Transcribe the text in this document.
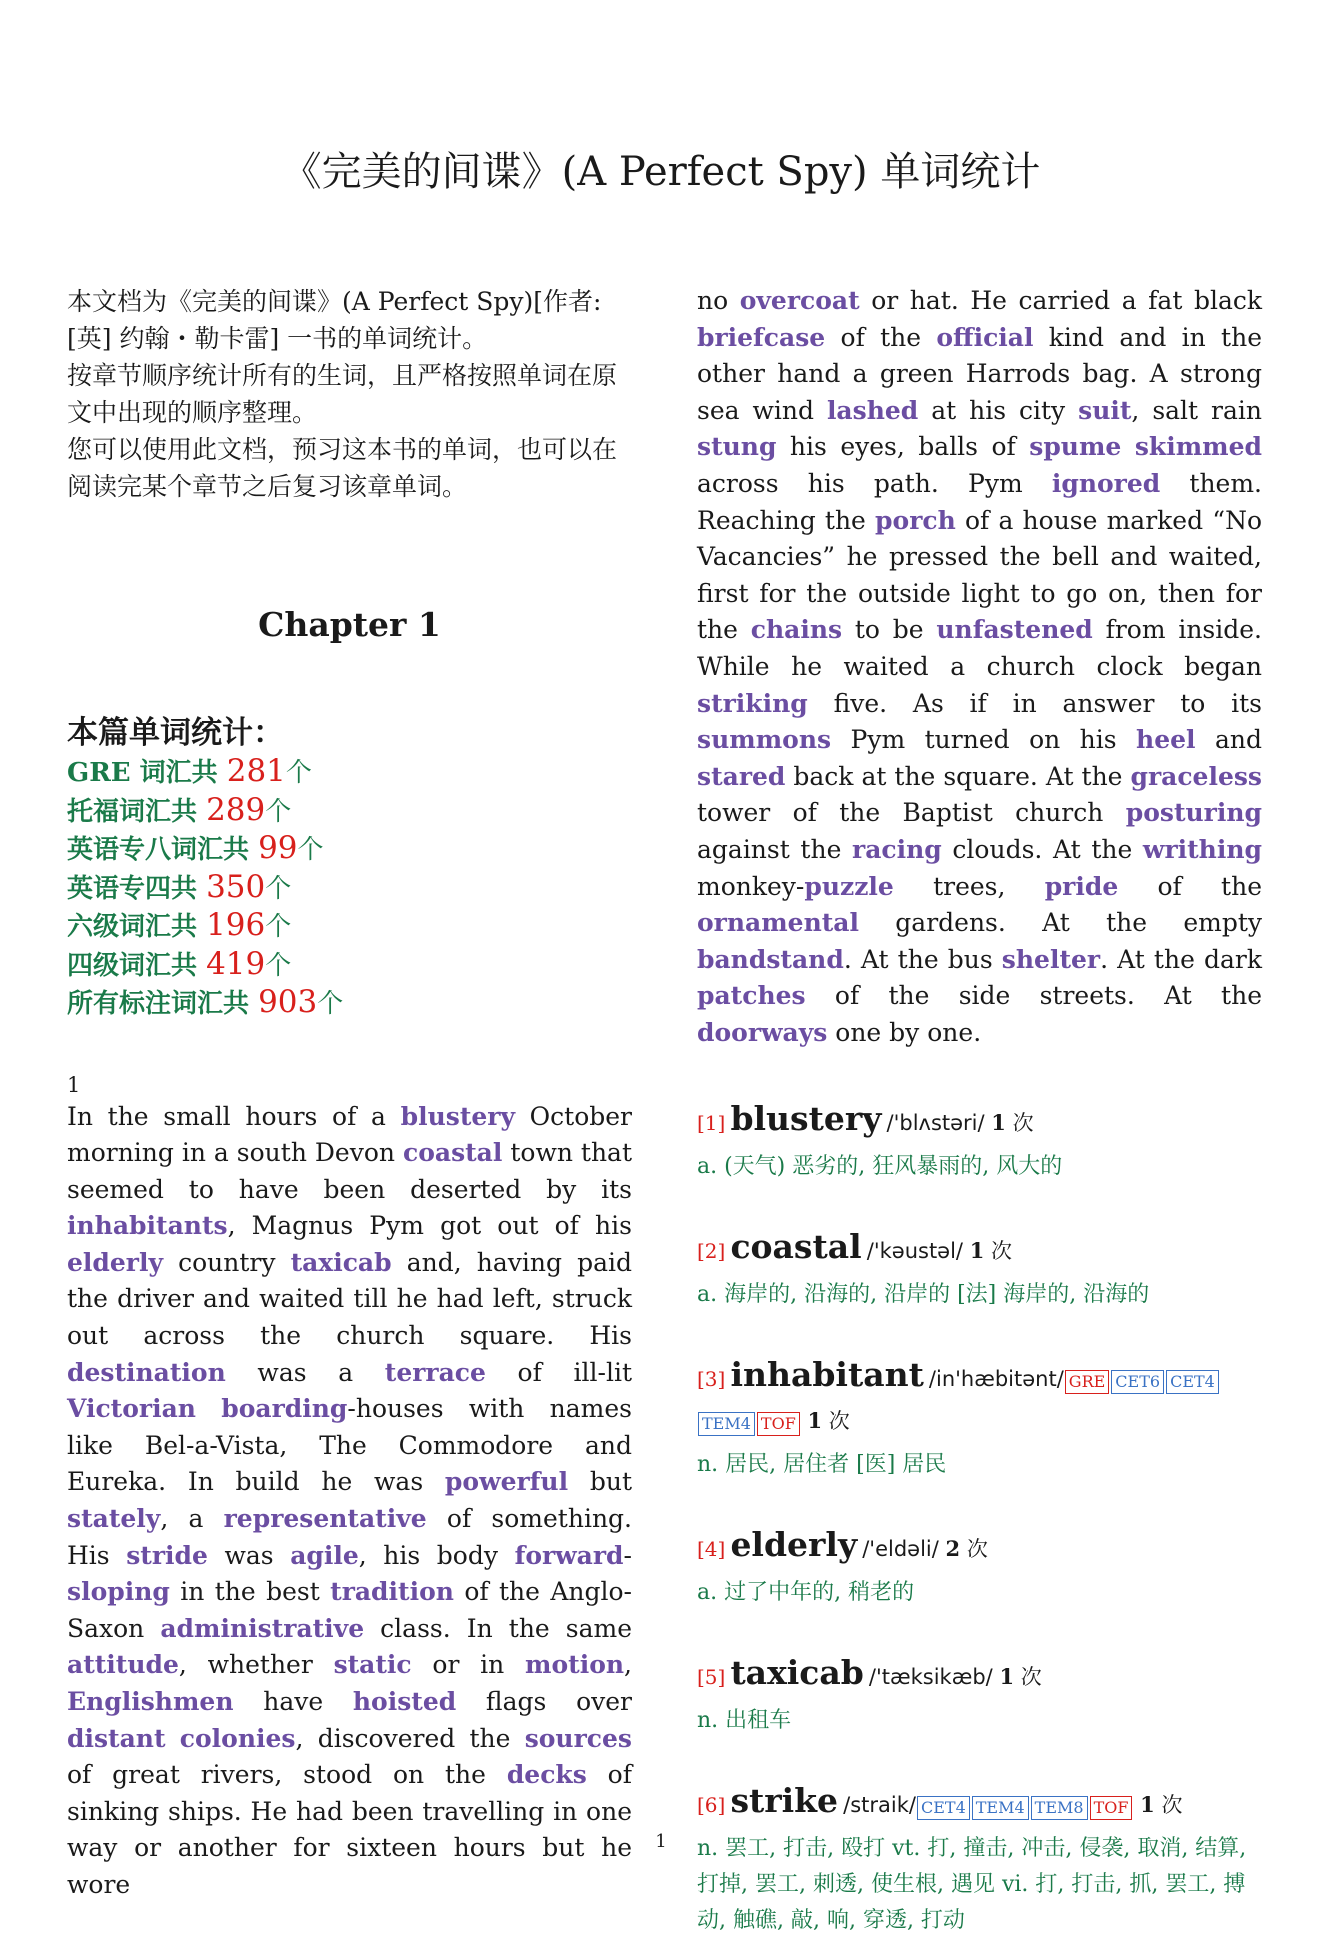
《完美的间谍》(A Perfect Spy) 单词统计

本文档为《完美的间谍》(A Perfect Spy)[作者: [英] 约翰・勒卡雷] 一书的单词统计。

按章节顺序统计所有的生词，且严格按照单词在原文中出现的顺序整理。

您可以使用此文档，预习这本书的单词，也可以在阅读完某个章节之后复习该章单词。

Chapter 1
本篇单词统计：
GRE 词汇共 281个
托福词汇共 289个
英语专八词汇共 99个
英语专四共 350个
六级词汇共 196个
四级词汇共 419个
所有标注词汇共 903个
1

In the small hours of a blustery October morning in a south Devon coastal town that seemed to have been deserted by its inhabitants, Magnus Pym got out of his elderly country taxicab and, having paid the driver and waited till he had left, struck out across the church square. His destination was a terrace of ill-lit Victorian boarding-houses with names like Bel-a-Vista, The Commodore and Eureka. In build he was powerful but stately, a representative of something. His stride was agile, his body forward-sloping in the best tradition of the Anglo-Saxon administrative class. In the same attitude, whether static or in motion, Englishmen have hoisted flags over distant colonies, discovered the sources of great rivers, stood on the decks of sinking ships. He had been travelling in one way or another for sixteen hours but he wore

no overcoat or hat. He carried a fat black briefcase of the official kind and in the other hand a green Harrods bag. A strong sea wind lashed at his city suit, salt rain stung his eyes, balls of spume skimmed across his path. Pym ignored them. Reaching the porch of a house marked “No Vacancies” he pressed the bell and waited, first for the outside light to go on, then for the chains to be unfastened from inside. While he waited a church clock began striking five. As if in answer to its summons Pym turned on his heel and stared back at the square. At the graceless tower of the Baptist church posturing against the racing clouds. At the writhing monkey-puzzle trees, pride of the ornamental gardens. At the empty bandstand. At the bus shelter. At the dark patches of the side streets. At the doorways one by one.

[1] blustery /'blʌstəri/ 1 次
a. (天气) 恶劣的, 狂风暴雨的, 风大的
[2] coastal /'kəustəl/ 1 次
a. 海岸的, 沿海的, 沿岸的 [法] 海岸的, 沿海的
[3] inhabitant /in'hæbitənt/ GRE CET6 CET4TEM4 TOF 1 次
n. 居民, 居住者 [医] 居民
[4] elderly /'eldəli/ 2 次
a. 过了中年的, 稍老的
[5] taxicab /'tæksikæb/ 1 次
n. 出租车
[6] strike /straik/ CET4 TEM4 TEM8 TOF 1 次
n. 罢工, 打击, 殴打 vt. 打, 撞击, 冲击, 侵袭, 取消, 结算, 打掉, 罢工, 刺透, 使生根, 遇见 vi. 打, 打击, 抓, 罢工, 搏动, 触礁, 敲, 响, 穿透, 打动
1
